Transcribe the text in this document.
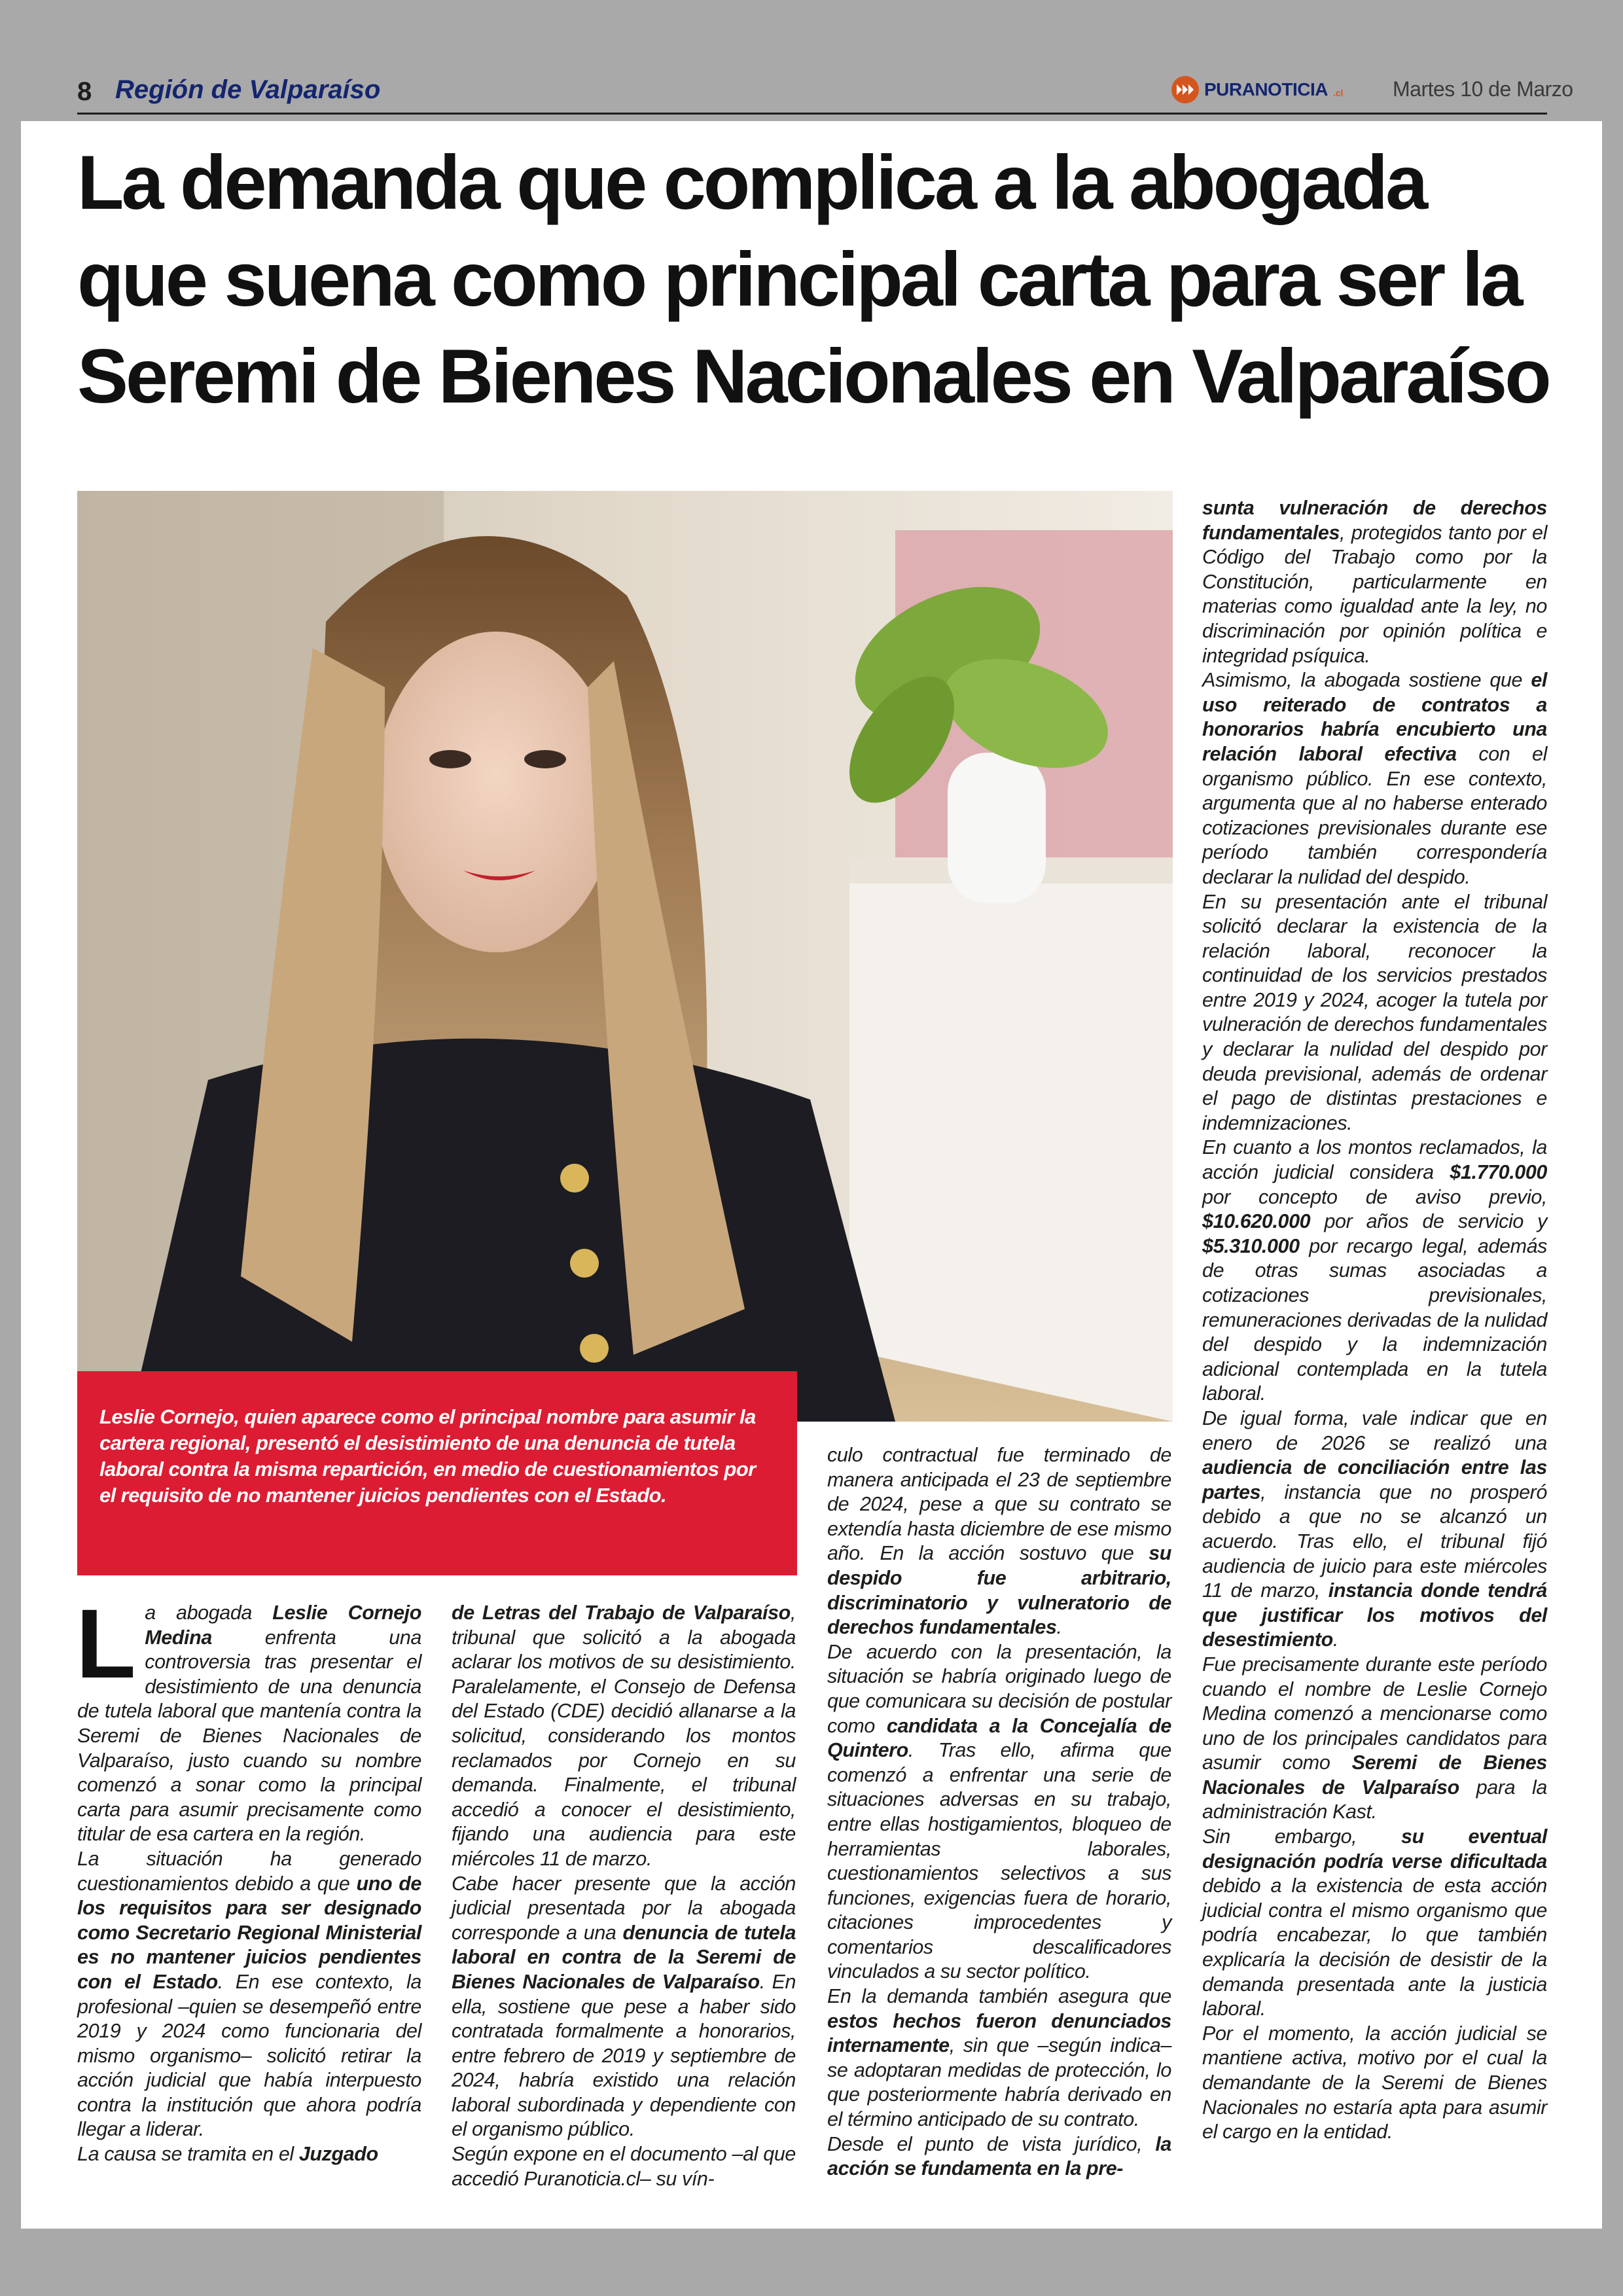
8 Región de Valparaíso	PURANOTICIA .cl Martes 10 de Marzo
La demanda que complica a la abogada que suena como principal carta para ser la Seremi de Bienes Nacionales en Valparaíso

Leslie Cornejo, quien aparece como el principal nombre para asumir la cartera regional, presentó el desistimiento de una denuncia de tutela laboral contra la misma repartición, en medio de cuestionamientos por el requisito de no mantener juicios pendientes con el Estado.

La abogada Leslie Cornejo Medina enfrenta una controversia tras presentar el desistimiento de una denuncia de tutela laboral que mantenía contra la Seremi de Bienes Nacionales de Valparaíso, justo cuando su nombre comenzó a sonar como la principal carta para asumir precisamente como titular de esa cartera en la región.

La situación ha generado cuestionamientos debido a que uno de los requisitos para ser designado como Secretario Regional Ministerial es no mantener juicios pendientes con el Estado. En ese contexto, la profesional –quien se desempeñó entre 2019 y 2024 como funcionaria del mismo organismo– solicitó retirar la acción judicial que había interpuesto contra la institución que ahora podría llegar a liderar.

La causa se tramita en el Juzgado

de Letras del Trabajo de Valparaíso, tribunal que solicitó a la abogada aclarar los motivos de su desistimiento. Paralelamente, el Consejo de Defensa del Estado (CDE) decidió allanarse a la solicitud, considerando los montos reclamados por Cornejo en su demanda. Finalmente, el tribunal accedió a conocer el desistimiento, fijando una audiencia para este miércoles 11 de marzo.

Cabe hacer presente que la acción judicial presentada por la abogada corresponde a una denuncia de tutela laboral en contra de la Seremi de Bienes Nacionales de Valparaíso. En ella, sostiene que pese a haber sido contratada formalmente a honorarios, entre febrero de 2019 y septiembre de 2024, habría existido una relación laboral subordinada y dependiente con el organismo público.

Según expone en el documento –al que accedió Puranoticia.cl– su vín-

culo contractual fue terminado de manera anticipada el 23 de septiembre de 2024, pese a que su contrato se extendía hasta diciembre de ese mismo año. En la acción sostuvo que su despido fue arbitrario, discriminatorio y vulneratorio de derechos fundamentales.

De acuerdo con la presentación, la situación se habría originado luego de que comunicara su decisión de postular como candidata a la Concejalía de Quintero. Tras ello, afirma que comenzó a enfrentar una serie de situaciones adversas en su trabajo, entre ellas hostigamientos, bloqueo de herramientas laborales, cuestionamientos selectivos a sus funciones, exigencias fuera de horario, citaciones improcedentes y comentarios descalificadores vinculados a su sector político.

En la demanda también asegura que estos hechos fueron denunciados internamente, sin que –según indica– se adoptaran medidas de protección, lo que posteriormente habría derivado en el término anticipado de su contrato.

Desde el punto de vista jurídico, la acción se fundamenta en la pre-

sunta vulneración de derechos fundamentales, protegidos tanto por el Código del Trabajo como por la Constitución, particularmente en materias como igualdad ante la ley, no discriminación por opinión política e integridad psíquica.

Asimismo, la abogada sostiene que el uso reiterado de contratos a honorarios habría encubierto una relación laboral efectiva con el organismo público. En ese contexto, argumenta que al no haberse enterado cotizaciones previsionales durante ese período también correspondería declarar la nulidad del despido.

En su presentación ante el tribunal solicitó declarar la existencia de la relación laboral, reconocer la continuidad de los servicios prestados entre 2019 y 2024, acoger la tutela por vulneración de derechos fundamentales y declarar la nulidad del despido por deuda previsional, además de ordenar el pago de distintas prestaciones e indemnizaciones.

En cuanto a los montos reclamados, la acción judicial considera $1.770.000 por concepto de aviso previo, $10.620.000 por años de servicio y $5.310.000 por recargo legal, además de otras sumas asociadas a cotizaciones previsionales, remuneraciones derivadas de la nulidad del despido y la indemnización adicional contemplada en la tutela laboral.

De igual forma, vale indicar que en enero de 2026 se realizó una audiencia de conciliación entre las partes, instancia que no prosperó debido a que no se alcanzó un acuerdo. Tras ello, el tribunal fijó audiencia de juicio para este miércoles 11 de marzo, instancia donde tendrá que justificar los motivos del desestimiento.

Fue precisamente durante este período cuando el nombre de Leslie Cornejo Medina comenzó a mencionarse como uno de los principales candidatos para asumir como Seremi de Bienes Nacionales de Valparaíso para la administración Kast.

Sin embargo, su eventual designación podría verse dificultada debido a la existencia de esta acción judicial contra el mismo organismo que podría encabezar, lo que también explicaría la decisión de desistir de la demanda presentada ante la justicia laboral.

Por el momento, la acción judicial se mantiene activa, motivo por el cual la demandante de la Seremi de Bienes Nacionales no estaría apta para asumir el cargo en la entidad.
